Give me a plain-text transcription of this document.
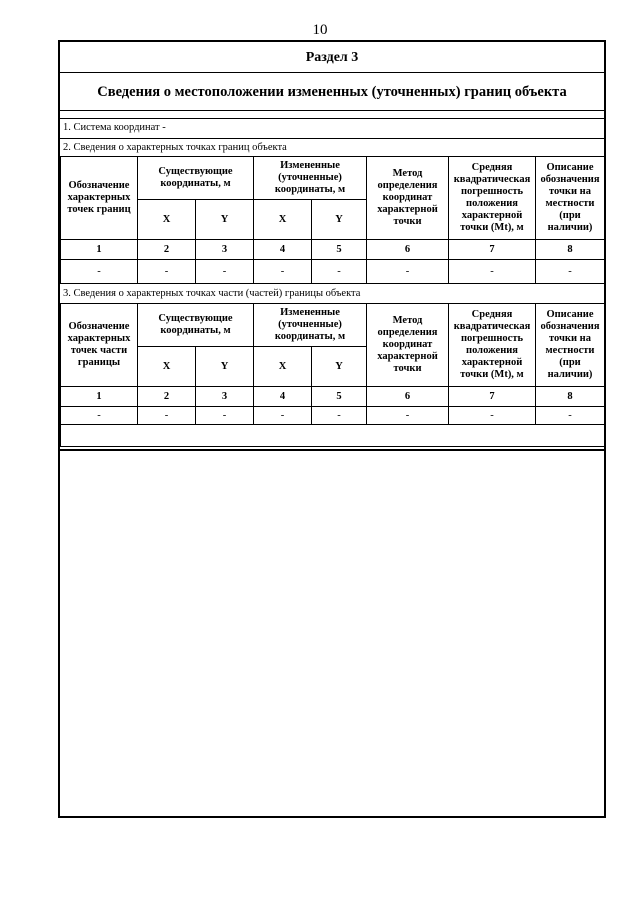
10
Раздел 3
Сведения о местоположении измененных (уточненных) границ объекта
1. Система координат -
2. Сведения о характерных точках границ объекта
Обозначение характерных точек границ	Существующие координаты, м		Измененные (уточненные) координаты, м		Метод определения координат характерной точки	Средняя квадратическая погрешность положения характерной точки (Mt), м	Описание обозначения точки на местности (при наличии)
	X	Y	X	Y			
1	2	3	4	5	6	7	8
-	-	-	-	-	-	-	-
3. Сведения о характерных точках части (частей) границы объекта
Обозначение характерных точек части границы	Существующие координаты, м		Измененные (уточненные) координаты, м		Метод определения координат характерной точки	Средняя квадратическая погрешность положения характерной точки (Mt), м	Описание обозначения точки на местности (при наличии)
	X	Y	X	Y			
1	2	3	4	5	6	7	8
-	-	-	-	-	-	-	-
